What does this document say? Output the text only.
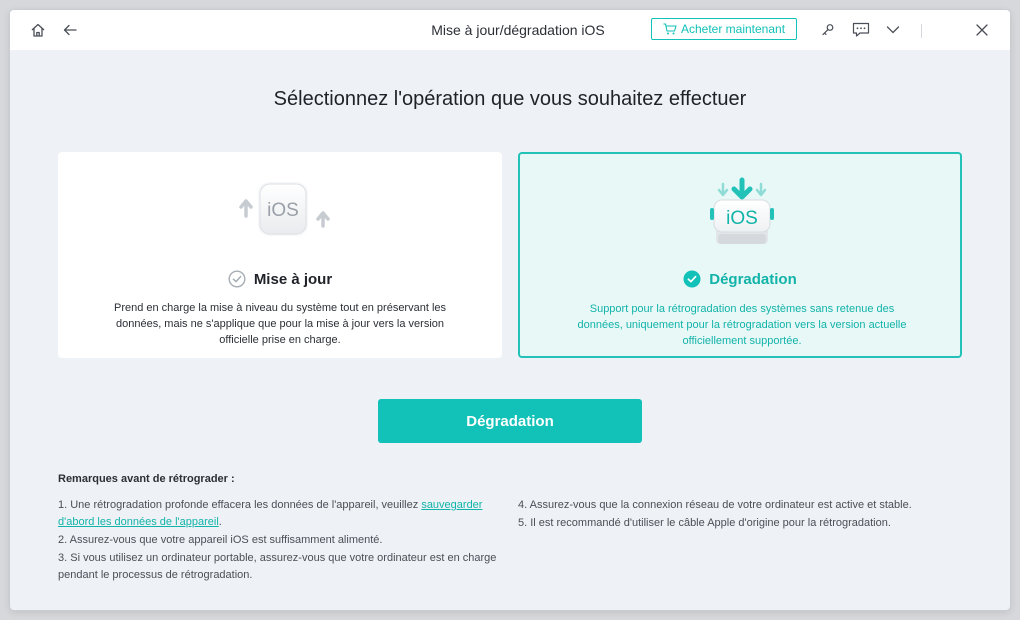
Mise à jour/dégradation iOS	Acheter maintenant
Sélectionnez l'opération que vous souhaitez effectuer
iOS
Mise à jour
Prend en charge la mise à niveau du système tout en préservant les données, mais ne s'applique que pour la mise à jour vers la version officielle prise en charge.
iOS
Dégradation
Support pour la rétrogradation des systèmes sans retenue des données, uniquement pour la rétrogradation vers la version actuelle officiellement supportée.
Dégradation
Remarques avant de rétrograder :

1. Une rétrogradation profonde effacera les données de l'appareil, veuillez sauvegarder d'abord les données de l'appareil.

2. Assurez-vous que votre appareil iOS est suffisamment alimenté.

3. Si vous utilisez un ordinateur portable, assurez-vous que votre ordinateur est en charge pendant le processus de rétrogradation.

4. Assurez-vous que la connexion réseau de votre ordinateur est active et stable.

5. Il est recommandé d'utiliser le câble Apple d'origine pour la rétrogradation.
